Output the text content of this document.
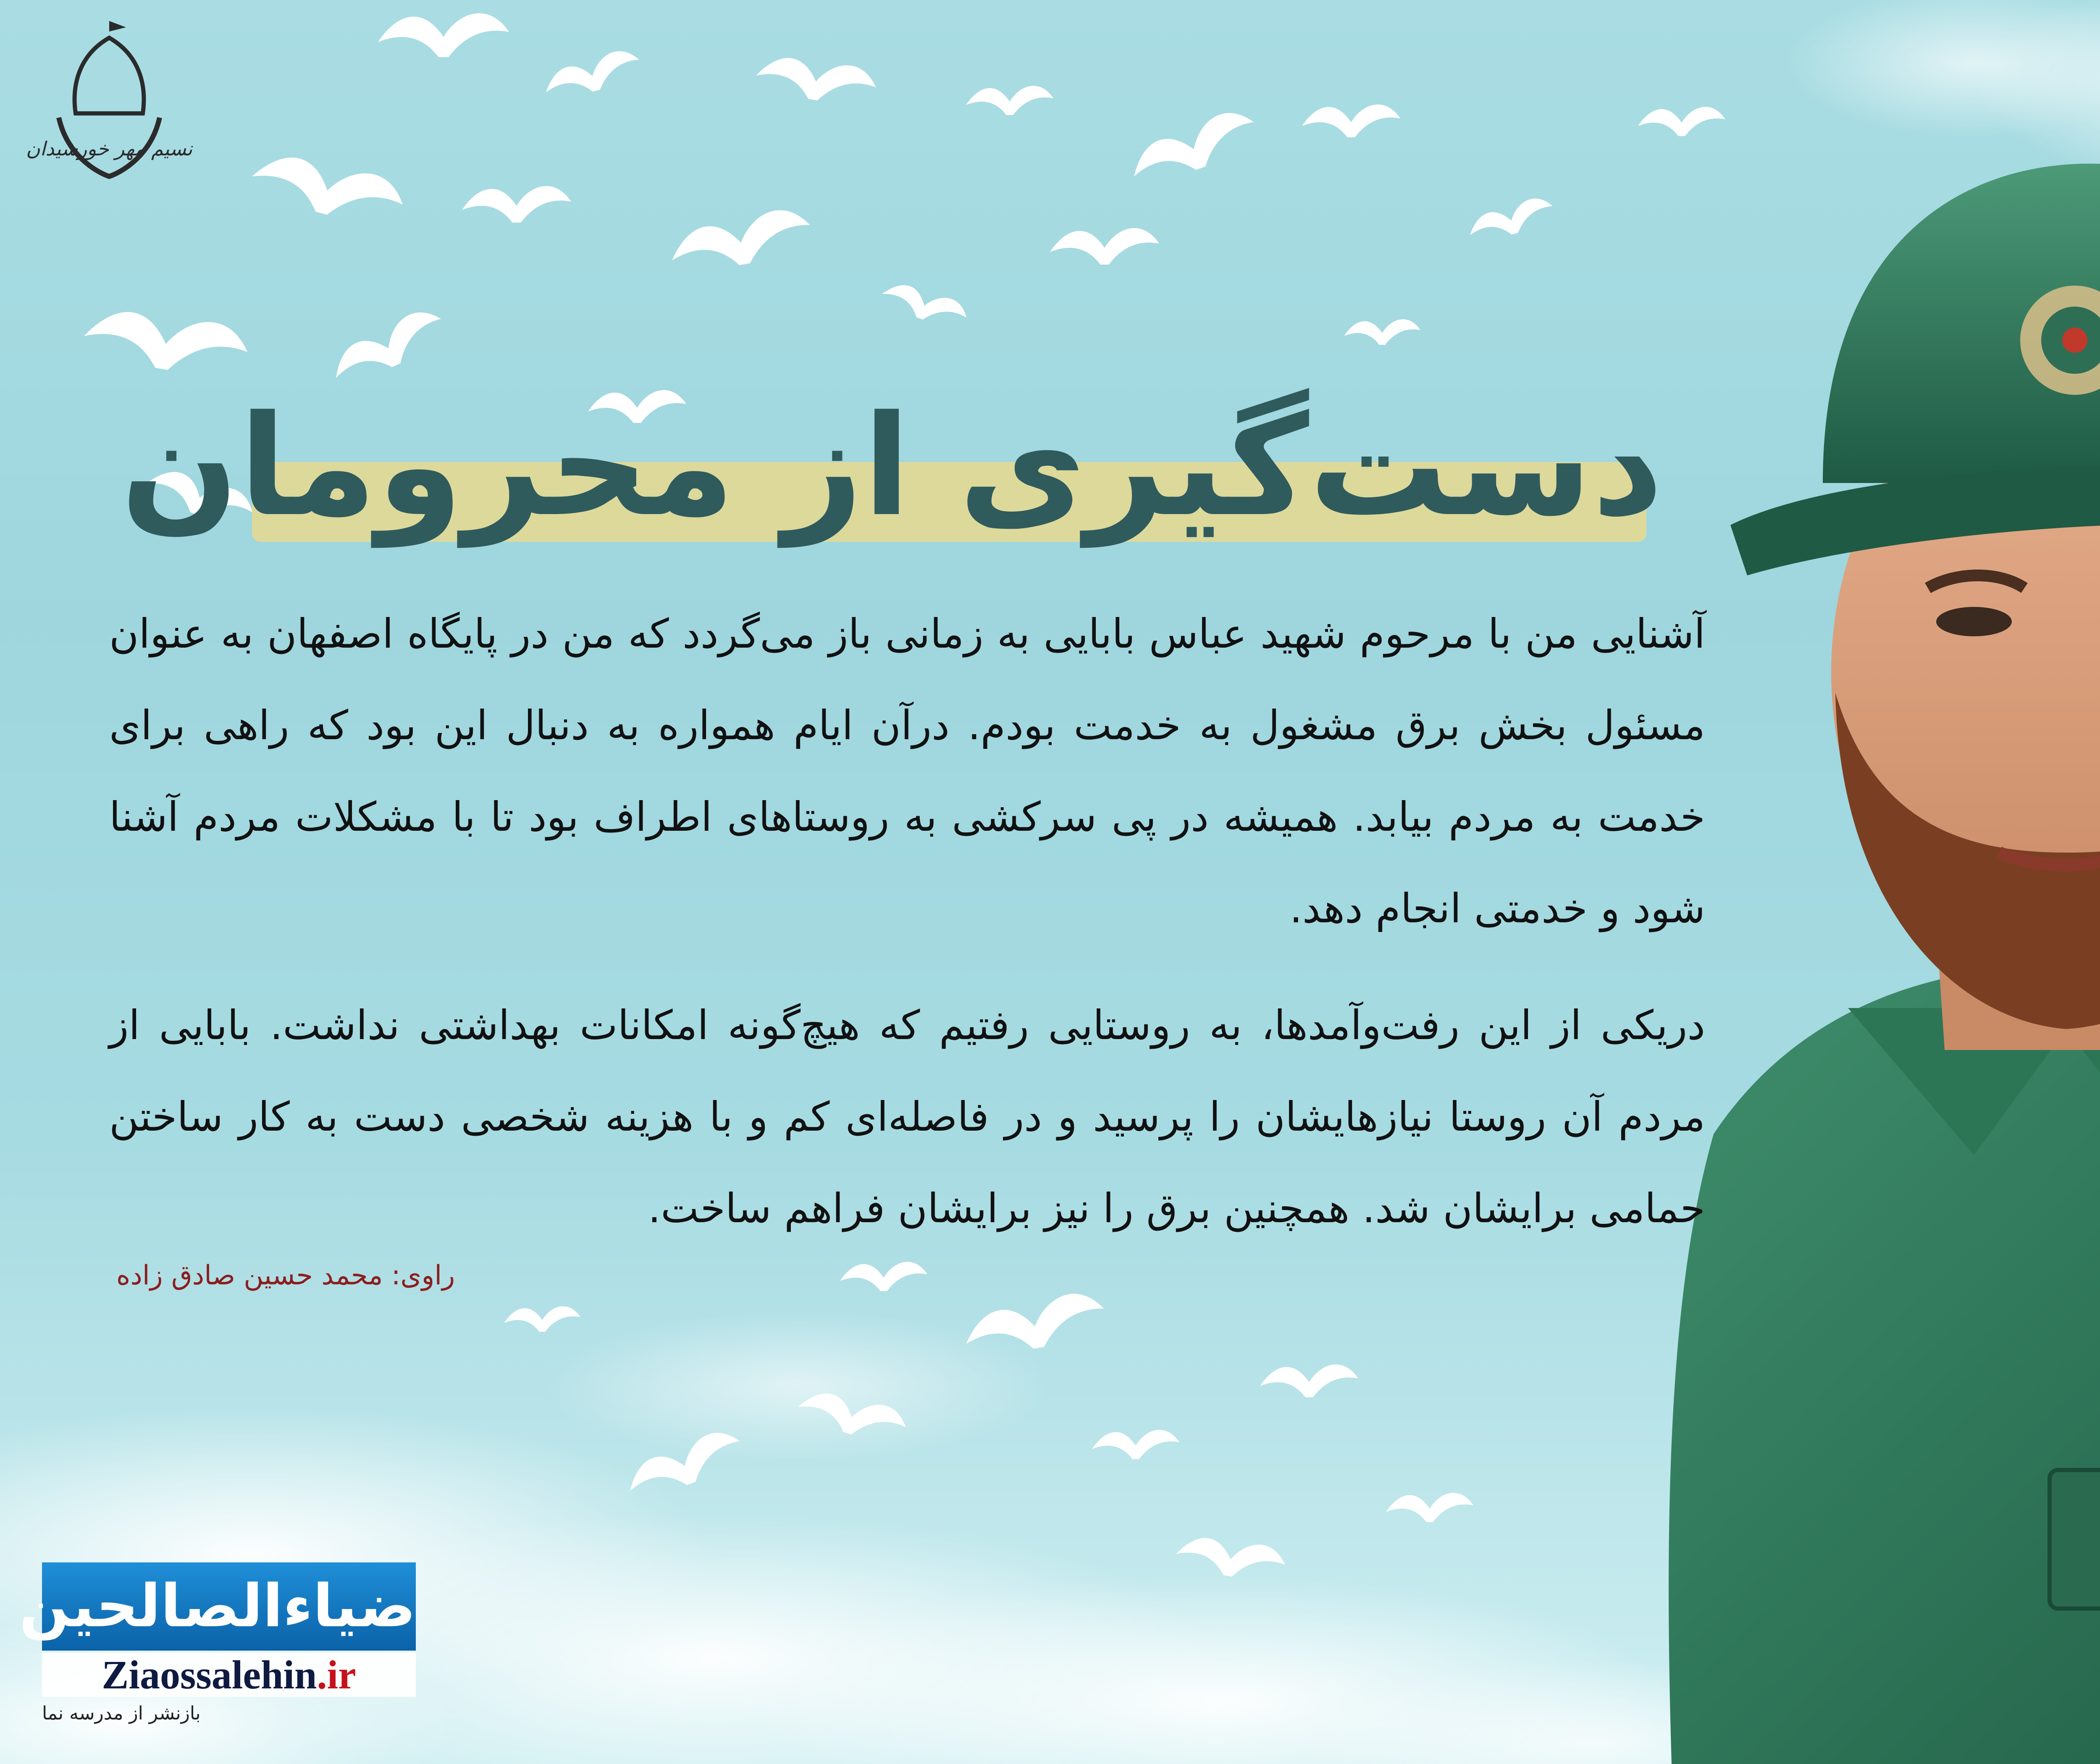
نسیم مهر خورشیدان
دست‌گیری از محرومان

آشنایی من با مرحوم شهید عباس بابایی به زمانی باز می‌گردد که من در پایگاه اصفهان به عنوان مسئول بخش برق مشغول به خدمت بودم. درآن ایام همواره به دنبال این بود که راهی برای خدمت به مردم بیابد. همیشه در پی سرکشی به روستاهای اطراف بود تا با مشکلات مردم آشنا شود و خدمتی انجام دهد.

دریکی از این رفت‌وآمدها، به روستایی رفتیم که هیچ‌گونه امکانات بهداشتی نداشت. بابایی از مردم آن روستا نیازهایشان را پرسید و در فاصله‌ای کم و با هزینه شخصی دست به کار ساختن حمامی برایشان شد. همچنین برق را نیز برایشان فراهم ساخت.

راوی: محمد حسین صادق زاده
ضیاءالصالحین
Ziaossalehin.ir
بازنشر از مدرسه نما
